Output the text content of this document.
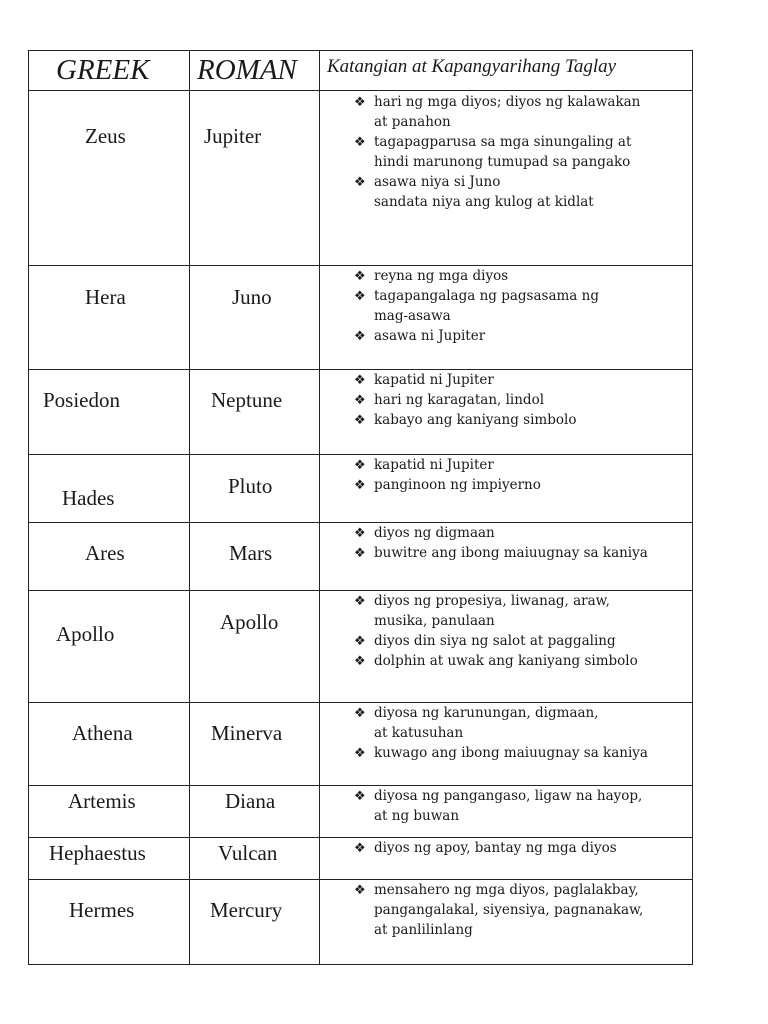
GREEK ROMAN Katangian at Kapangyarihang Taglay
Zeus	Jupiter
❖ hari ng mga diyos; diyos ng kalawakan
at panahon
❖ tagapagparusa sa mga sinungaling at
hindi marunong tumupad sa pangako
❖ asawa niya si Juno
sandata niya ang kulog at kidlat
Hera	Juno
❖ reyna ng mga diyos
❖ tagapangalaga ng pagsasama ng
mag-asawa
❖ asawa ni Jupiter
Posiedon	Neptune
❖ kapatid ni Jupiter
❖ hari ng karagatan, lindol
❖ kabayo ang kaniyang simbolo
Hades	Pluto
❖ kapatid ni Jupiter
❖ panginoon ng impiyerno
Ares	Mars
❖ diyos ng digmaan
❖ buwitre ang ibong maiuugnay sa kaniya
Apollo	Apollo
❖ diyos ng propesiya, liwanag, araw,
musika, panulaan
❖ diyos din siya ng salot at paggaling
❖ dolphin at uwak ang kaniyang simbolo
Athena	Minerva
❖ diyosa ng karunungan, digmaan,
at katusuhan
❖ kuwago ang ibong maiuugnay sa kaniya
Artemis	Diana	❖ diyosa ng pangangaso, ligaw na hayop,
at ng buwan
Hephaestus	Vulcan	❖ diyos ng apoy, bantay ng mga diyos
Hermes	Mercury
❖ mensahero ng mga diyos, paglalakbay,
pangangalakal, siyensiya, pagnanakaw,
at panlilinlang
